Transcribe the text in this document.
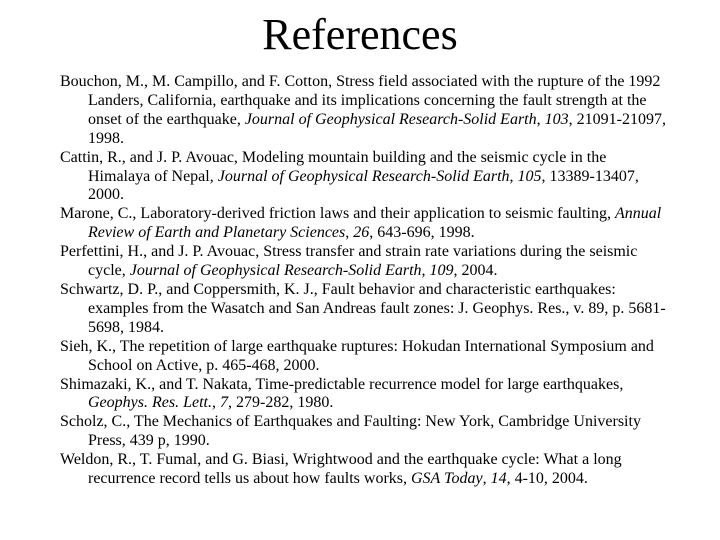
References
Bouchon, M., M. Campillo, and F. Cotton, Stress field associated with the rupture of the 1992 Landers, California, earthquake and its implications concerning the fault strength at the onset of the earthquake, Journal of Geophysical Research-Solid Earth, 103, 21091-21097, 1998.
Cattin, R., and J. P. Avouac, Modeling mountain building and the seismic cycle in the Himalaya of Nepal, Journal of Geophysical Research-Solid Earth, 105, 13389-13407, 2000.
Marone, C., Laboratory-derived friction laws and their application to seismic faulting, Annual Review of Earth and Planetary Sciences, 26, 643-696, 1998.
Perfettini, H., and J. P. Avouac, Stress transfer and strain rate variations during the seismic cycle, Journal of Geophysical Research-Solid Earth, 109, 2004.
Schwartz, D. P., and Coppersmith, K. J., Fault behavior and characteristic earthquakes: examples from the Wasatch and San Andreas fault zones: J. Geophys. Res., v. 89, p. 5681-5698, 1984.
Sieh, K., The repetition of large earthquake ruptures: Hokudan International Symposium and School on Active, p. 465-468, 2000.
Shimazaki, K., and T. Nakata, Time-predictable recurrence model for large earthquakes, Geophys. Res. Lett., 7, 279-282, 1980.
Scholz, C., The Mechanics of Earthquakes and Faulting: New York, Cambridge University Press, 439 p, 1990.
Weldon, R., T. Fumal, and G. Biasi, Wrightwood and the earthquake cycle: What a long recurrence record tells us about how faults works, GSA Today, 14, 4-10, 2004.
